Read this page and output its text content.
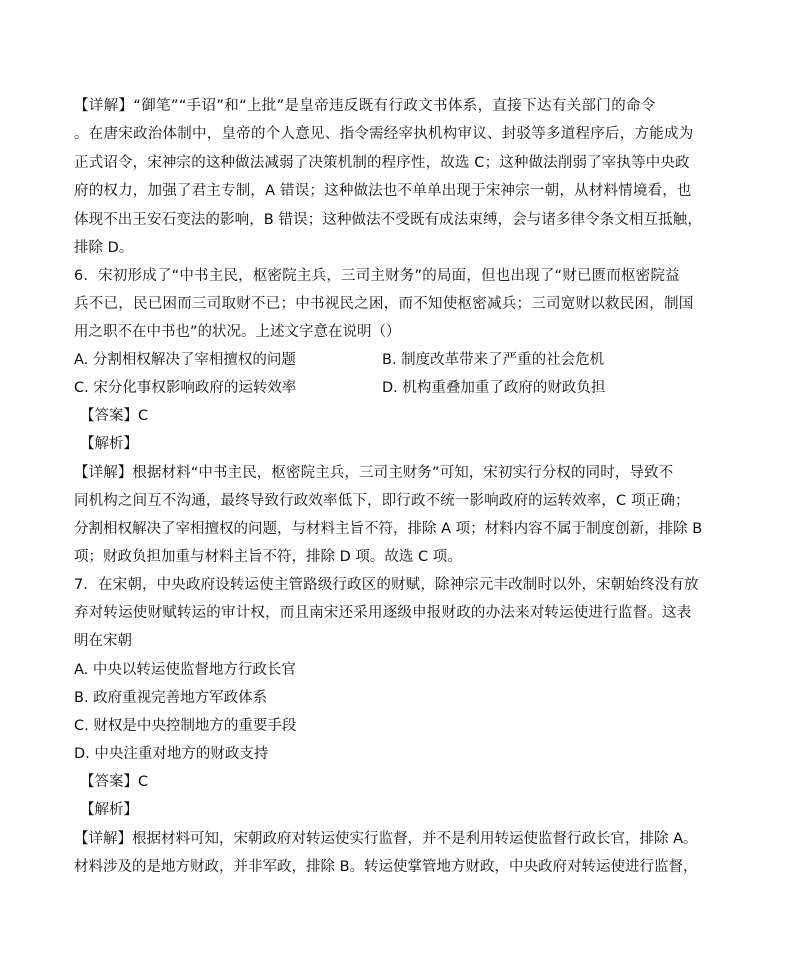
【详解】“御笔”“手诏”和“上批”是皇帝违反既有行政文书体系，直接下达有关部门的命令
。在唐宋政治体制中，皇帝的个人意见、指令需经宰执机构审议、封驳等多道程序后，方能成为
正式诏令，宋神宗的这种做法减弱了决策机制的程序性，故选 C；这种做法削弱了宰执等中央政
府的权力，加强了君主专制，A 错误；这种做法也不单单出现于宋神宗一朝，从材料情境看，也
体现不出王安石变法的影响，B 错误；这种做法不受既有成法束缚，会与诸多律令条文相互抵触，
排除 D。
6．宋初形成了“中书主民，枢密院主兵，三司主财务”的局面，但也出现了“财已匮而枢密院益
兵不已，民已困而三司取财不已；中书视民之困，而不知使枢密减兵；三司宽财以救民困，制国
用之职不在中书也”的状况。上述文字意在说明（）
A. 分割相权解决了宰相擅权的问题	B. 制度改革带来了严重的社会危机
C. 宋分化事权影响政府的运转效率	D. 机构重叠加重了政府的财政负担
【答案】C
【解析】
【详解】根据材料“中书主民，枢密院主兵，三司主财务”可知，宋初实行分权的同时，导致不
同机构之间互不沟通，最终导致行政效率低下，即行政不统一影响政府的运转效率，C 项正确；
分割相权解决了宰相擅权的问题，与材料主旨不符，排除 A 项；材料内容不属于制度创新，排除 B
项；财政负担加重与材料主旨不符，排除 D 项。故选 C 项。
7．在宋朝，中央政府设转运使主管路级行政区的财赋，除神宗元丰改制时以外，宋朝始终没有放
弃对转运使财赋转运的审计权，而且南宋还采用逐级申报财政的办法来对转运使进行监督。这表
明在宋朝
A. 中央以转运使监督地方行政长官
B. 政府重视完善地方军政体系
C. 财权是中央控制地方的重要手段
D. 中央注重对地方的财政支持
【答案】C
【解析】
【详解】根据材料可知，宋朝政府对转运使实行监督，并不是利用转运使监督行政长官，排除 A。
材料涉及的是地方财政，并非军政，排除 B。转运使掌管地方财政，中央政府对转运使进行监督，
